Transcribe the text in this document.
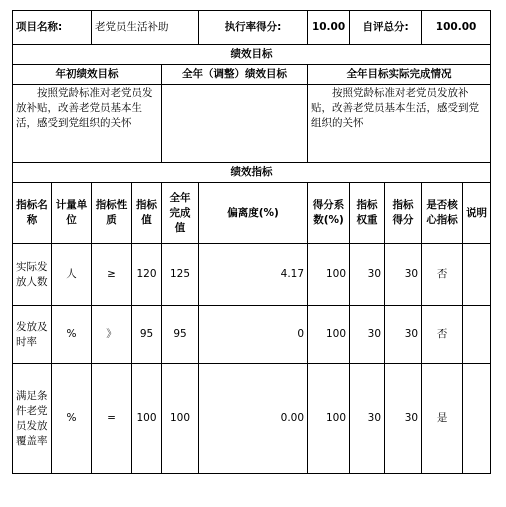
项目名称:		老党员生活补助			执行率得分:	10.00	自评总分:		100.00	
绩效目标										
年初绩效目标				全年（调整）绩效目标		全年目标实际完成情况				
按照党龄标准对老党员发放补贴，改善老党员基本生活，感受到党组织的关怀						按照党龄标准对老党员发放补贴，改善老党员基本生活，感受到党组织的关怀				
绩效指标										
指标名称	计量单位	指标性质	指标值	全年完成值	偏离度(%)	得分系数(%)	指标权重	指标得分	是否核心指标	说明
实际发放人数	人	≥	120	125	4.17	100	30	30	否	
发放及时率	%	》	95	95	0	100	30	30	否	
满足条件老党员发放覆盖率	%	=	100	100	0.00	100	30	30	是	
